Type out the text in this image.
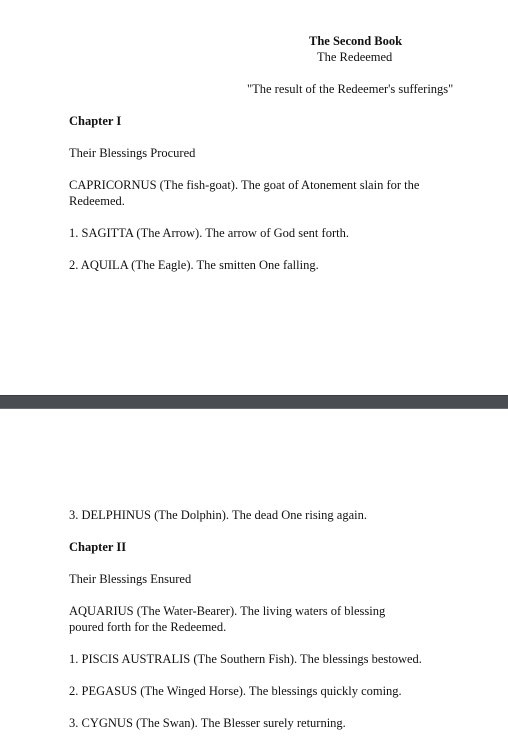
The Second Book
The Redeemed
"The result of the Redeemer's sufferings"
Chapter I
Their Blessings Procured
CAPRICORNUS (The fish-goat). The goat of Atonement slain for the
Redeemed.
1. SAGITTA (The Arrow). The arrow of God sent forth.
2. AQUILA (The Eagle). The smitten One falling.
3. DELPHINUS (The Dolphin). The dead One rising again.
Chapter II
Their Blessings Ensured
AQUARIUS (The Water-Bearer). The living waters of blessing
poured forth for the Redeemed.
1. PISCIS AUSTRALIS (The Southern Fish). The blessings bestowed.
2. PEGASUS (The Winged Horse). The blessings quickly coming.
3. CYGNUS (The Swan). The Blesser surely returning.
